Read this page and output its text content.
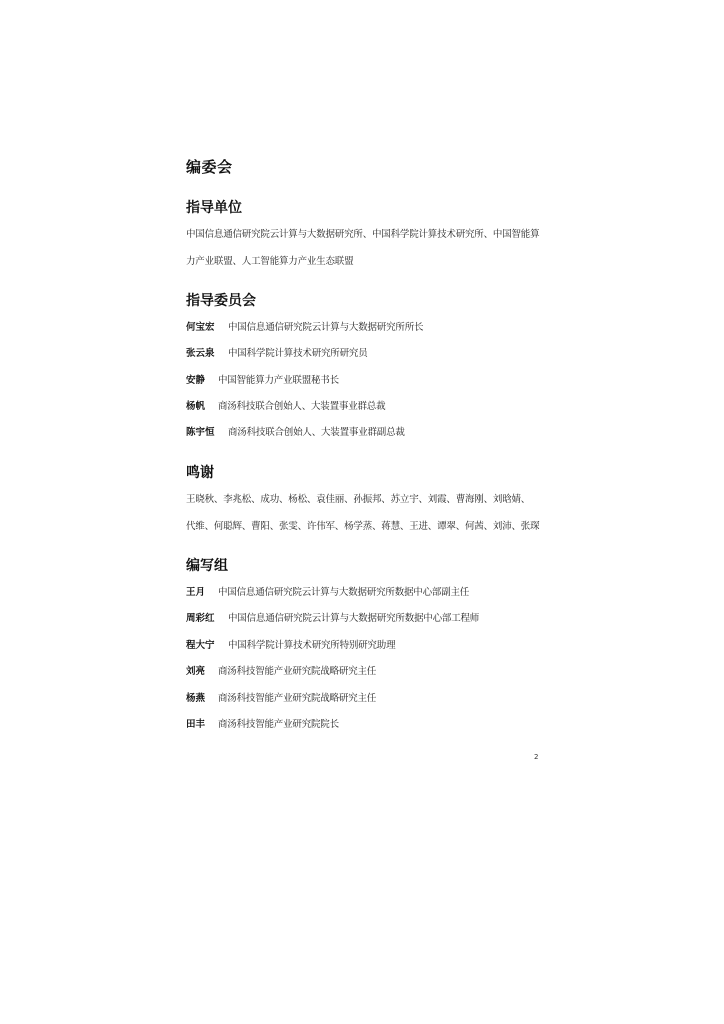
编委会
指导单位
中国信息通信研究院云计算与大数据研究所、中国科学院计算技术研究所、中国智能算
力产业联盟、人工智能算力产业生态联盟
指导委员会
何宝宏	中国信息通信研究院云计算与大数据研究所所长
张云泉	中国科学院计算技术研究所研究员
安静	中国智能算力产业联盟秘书长
杨帆	商汤科技联合创始人、大装置事业群总裁
陈宇恒	商汤科技联合创始人、大装置事业群副总裁
鸣谢
王晓秋、李兆松、成功、杨松、袁佳丽、孙振邦、苏立宇、刘霞、曹海刚、刘晗婧、
代维、何聪辉、曹阳、张雯、许伟军、杨学蒸、蒋慧、王进、谭翠、何茜、刘沛、张琛
编写组
王月	中国信息通信研究院云计算与大数据研究所数据中心部副主任
周彩红	中国信息通信研究院云计算与大数据研究所数据中心部工程师
程大宁	中国科学院计算技术研究所特别研究助理
刘亮	商汤科技智能产业研究院战略研究主任
杨燕	商汤科技智能产业研究院战略研究主任
田丰	商汤科技智能产业研究院院长
2
